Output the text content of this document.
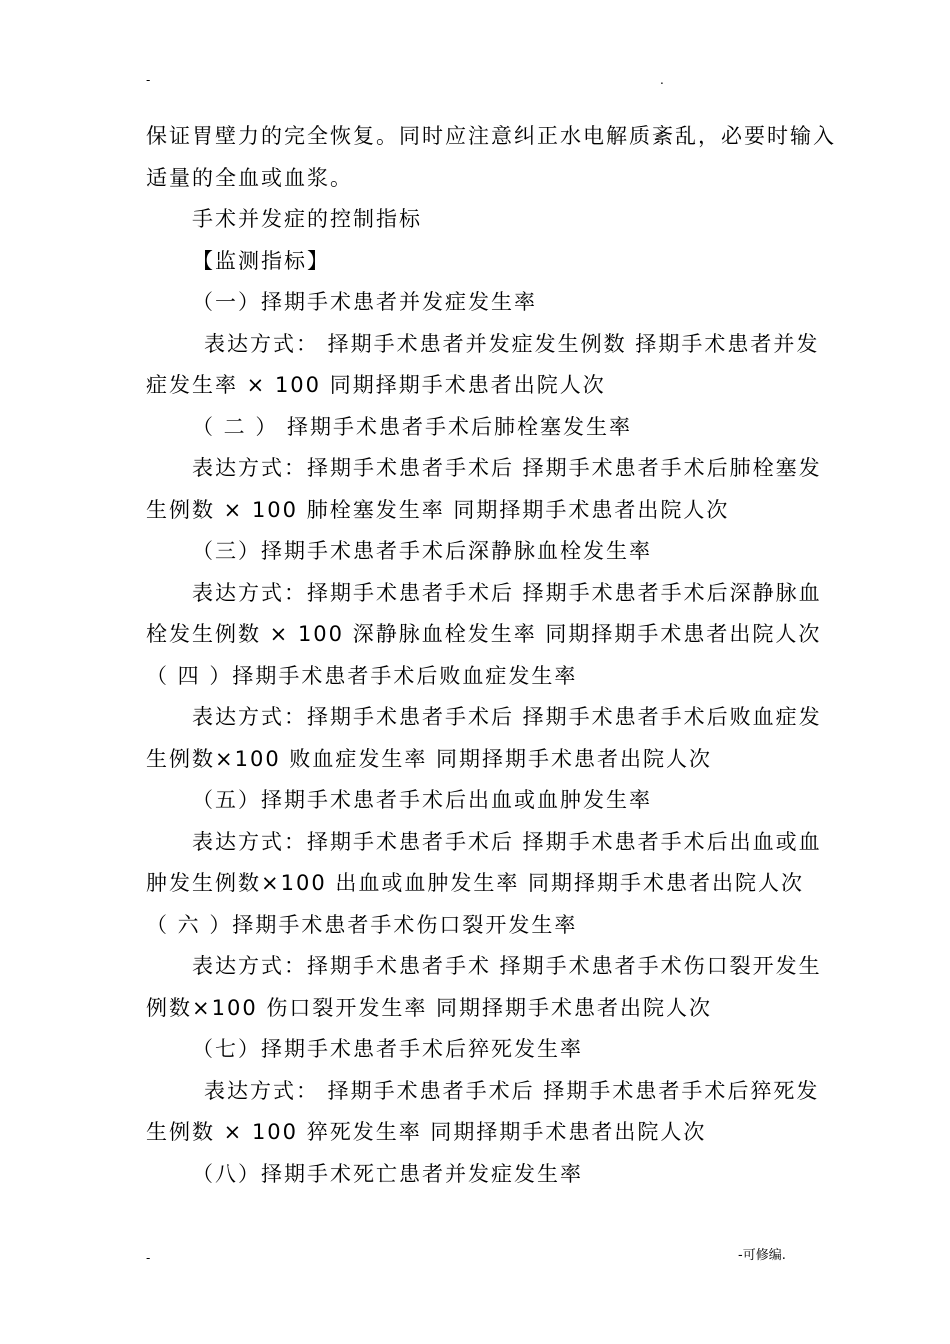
-	.
保证胃壁力的完全恢复。同时应注意纠正水电解质紊乱，必要时输入
适量的全血或血浆。
手术并发症的控制指标
【监测指标】
（一）择期手术患者并发症发生率
表达方式： 择期手术患者并发症发生例数 择期手术患者并发
症发生率 × 100 同期择期手术患者出院人次
（ 二 ） 择期手术患者手术后肺栓塞发生率
表达方式：择期手术患者手术后 择期手术患者手术后肺栓塞发
生例数 × 100 肺栓塞发生率 同期择期手术患者出院人次
（三）择期手术患者手术后深静脉血栓发生率
表达方式：择期手术患者手术后 择期手术患者手术后深静脉血
栓发生例数 × 100 深静脉血栓发生率 同期择期手术患者出院人次
（ 四 ）择期手术患者手术后败血症发生率
表达方式：择期手术患者手术后 择期手术患者手术后败血症发
生例数×100 败血症发生率 同期择期手术患者出院人次
（五）择期手术患者手术后出血或血肿发生率
表达方式：择期手术患者手术后 择期手术患者手术后出血或血
肿发生例数×100 出血或血肿发生率 同期择期手术患者出院人次
（ 六 ）择期手术患者手术伤口裂开发生率
表达方式：择期手术患者手术 择期手术患者手术伤口裂开发生
例数×100 伤口裂开发生率 同期择期手术患者出院人次
（七）择期手术患者手术后猝死发生率
表达方式： 择期手术患者手术后 择期手术患者手术后猝死发
生例数 × 100 猝死发生率 同期择期手术患者出院人次
（八）择期手术死亡患者并发症发生率
-	-可修编.
